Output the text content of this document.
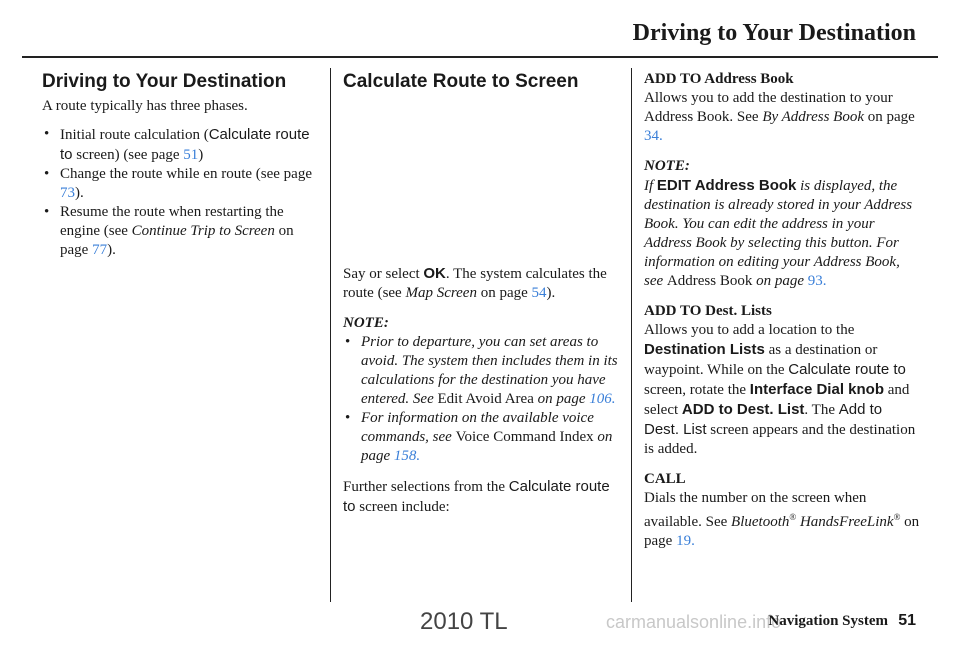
Driving to Your Destination
Driving to Your Destination

A route typically has three phases.

• Initial route calculation (Calculate route to screen) (see page 51)
• Change the route while en route (see page 73).
• Resume the route when restarting the engine (see Continue Trip to Screen on page 77).
Calculate Route to Screen

Say or select OK. The system calculates the route (see Map Screen on page 54).

NOTE:

• Prior to departure, you can set areas to avoid. The system then includes them in its calculations for the destination you have entered. See Edit Avoid Area on page 106.
• For information on the available voice commands, see Voice Command Index on page 158.

Further selections from the Calculate route to screen include:

ADD TO Address Book

Allows you to add the destination to your Address Book. See By Address Book on page 34.

NOTE:

If EDIT Address Book is displayed, the destination is already stored in your Address Book. You can edit the address in your Address Book by selecting this button. For information on editing your Address Book, see Address Book on page 93.

ADD TO Dest. Lists

Allows you to add a location to the Destination Lists as a destination or waypoint. While on the Calculate route to screen, rotate the Interface Dial knob and select ADD to Dest. List. The Add to Dest. List screen appears and the destination is added.

CALL

Dials the number on the screen when available. See Bluetooth® HandsFreeLink® on page 19.

2010 TL	carmanualsonline.info
Navigation System 51
